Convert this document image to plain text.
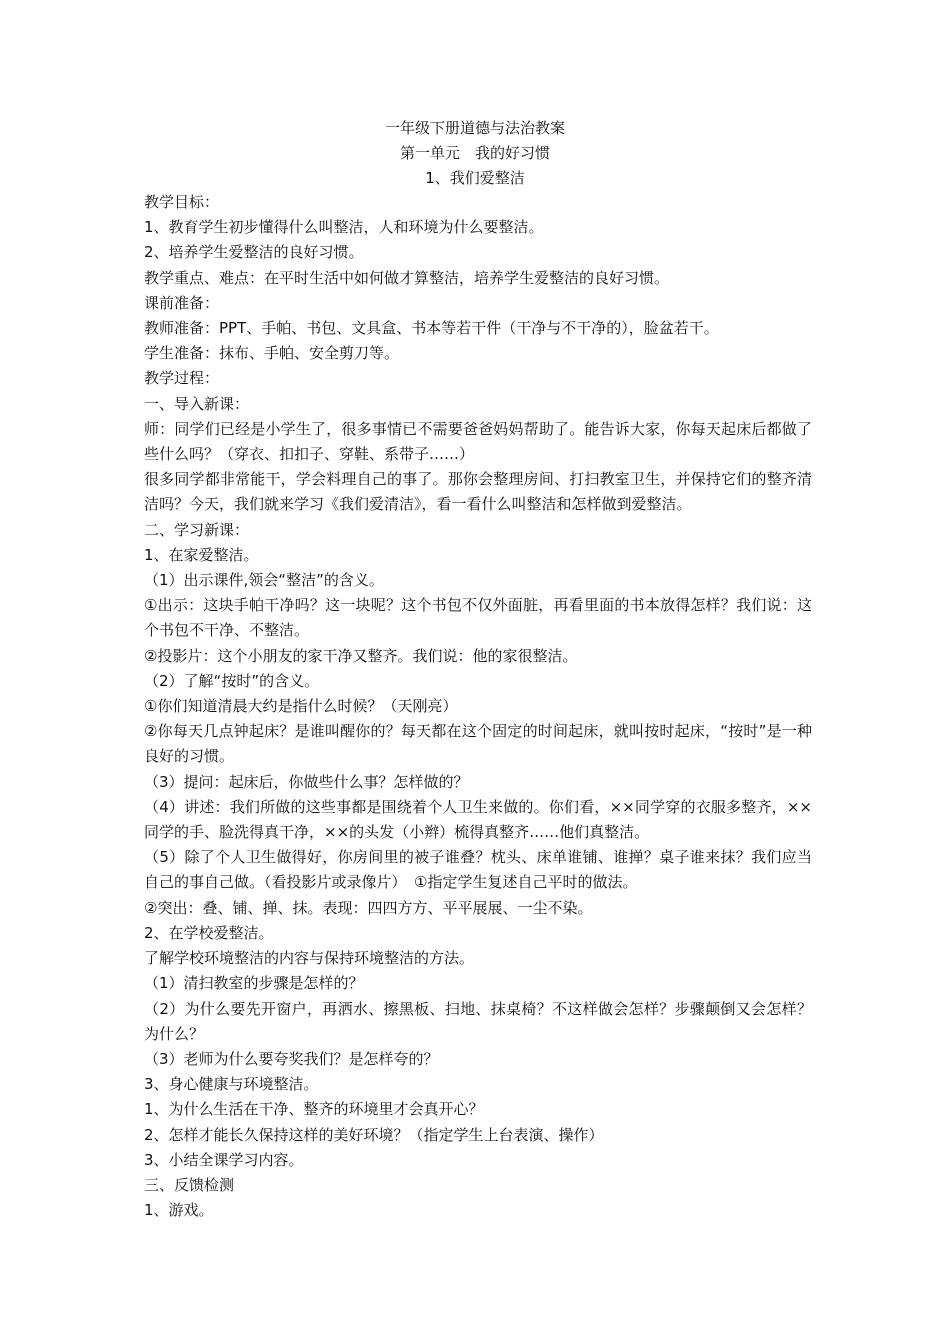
一年级下册道德与法治教案
第一单元　我的好习惯
1、我们爱整洁

教学目标：

1、教育学生初步懂得什么叫整洁，人和环境为什么要整洁。

2、培养学生爱整洁的良好习惯。

教学重点、难点：在平时生活中如何做才算整洁，培养学生爱整洁的良好习惯。

课前准备：

教师准备：PPT、手帕、书包、文具盒、书本等若干件（干净与不干净的），脸盆若干。

学生准备：抹布、手帕、安全剪刀等。

教学过程：

一、导入新课：

师：同学们已经是小学生了，很多事情已不需要爸爸妈妈帮助了。能告诉大家，你每天起床后都做了些什么吗？（穿衣、扣扣子、穿鞋、系带子……）

很多同学都非常能干，学会料理自己的事了。那你会整理房间、打扫教室卫生，并保持它们的整齐清洁吗？今天，我们就来学习《我们爱清洁》，看一看什么叫整洁和怎样做到爱整洁。

二、学习新课：

1、在家爱整洁。

（1）出示课件,领会“整洁”的含义。

①出示：这块手帕干净吗？这一块呢？这个书包不仅外面脏，再看里面的书本放得怎样？我们说：这个书包不干净、不整洁。

②投影片：这个小朋友的家干净又整齐。我们说：他的家很整洁。

（2）了解“按时”的含义。

①你们知道清晨大约是指什么时候？（天刚亮）

②你每天几点钟起床？是谁叫醒你的？每天都在这个固定的时间起床，就叫按时起床，“按时”是一种良好的习惯。

（3）提问：起床后，你做些什么事？怎样做的？

（4）讲述：我们所做的这些事都是围绕着个人卫生来做的。你们看，××同学穿的衣服多整齐，××同学的手、脸洗得真干净，××的头发（小辫）梳得真整齐……他们真整洁。

（5）除了个人卫生做得好，你房间里的被子谁叠？枕头、床单谁铺、谁掸？桌子谁来抹？我们应当自己的事自己做。（看投影片或录像片）　①指定学生复述自己平时的做法。

②突出：叠、铺、掸、抹。表现：四四方方、平平展展、一尘不染。

2、在学校爱整洁。

了解学校环境整洁的内容与保持环境整洁的方法。

（1）清扫教室的步骤是怎样的？

（2）为什么要先开窗户，再洒水、擦黑板、扫地、抹桌椅？不这样做会怎样？步骤颠倒又会怎样？为什么？

（3）老师为什么要夸奖我们？是怎样夸的？

3、身心健康与环境整洁。

1、为什么生活在干净、整齐的环境里才会真开心？

2、怎样才能长久保持这样的美好环境？（指定学生上台表演、操作）

3、小结全课学习内容。

三、反馈检测

1、游戏。
